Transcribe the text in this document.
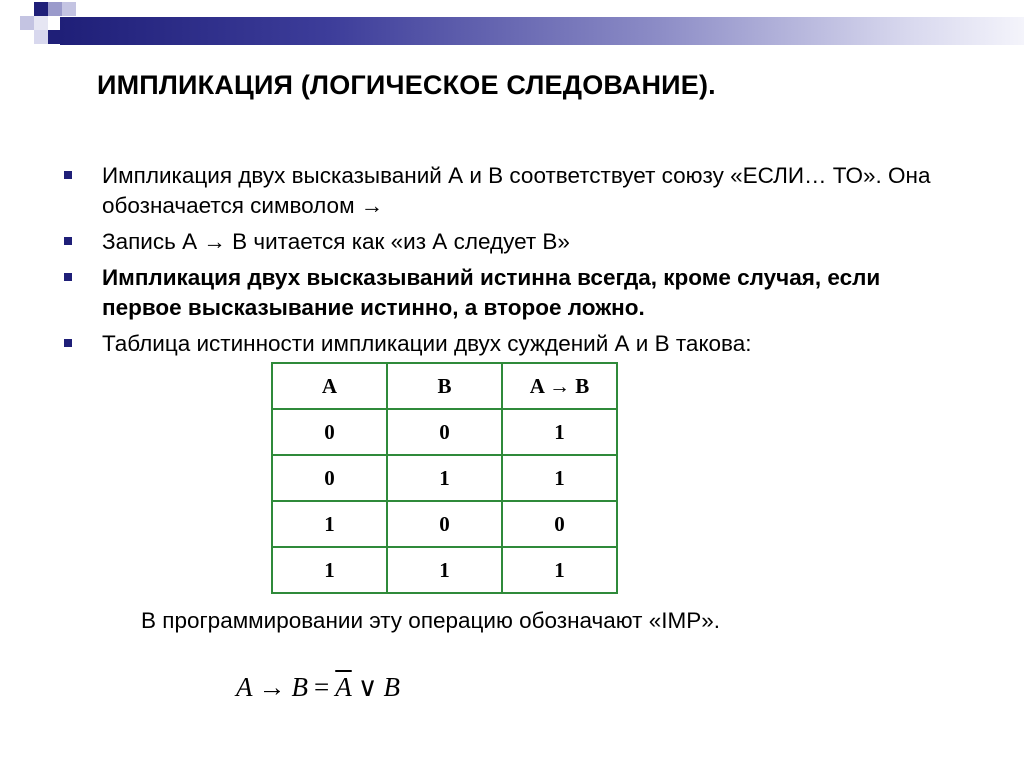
ИМПЛИКАЦИЯ (ЛОГИЧЕСКОЕ СЛЕДОВАНИЕ).
Импликация двух высказываний А и В соответствует союзу «ЕСЛИ… ТО». Она обозначается символом →
Запись А → В читается как «из А следует В»
Импликация двух высказываний истинна всегда, кроме случая, если первое высказывание истинно, а второе ложно.
Таблица истинности импликации двух суждений А и В такова:
A	B	A → B
0	0	1
0	1	1
1	0	0
1	1	1
В программировании эту операцию обозначают «IMP».
$A \to B = \overline{A}$ ∨ B
